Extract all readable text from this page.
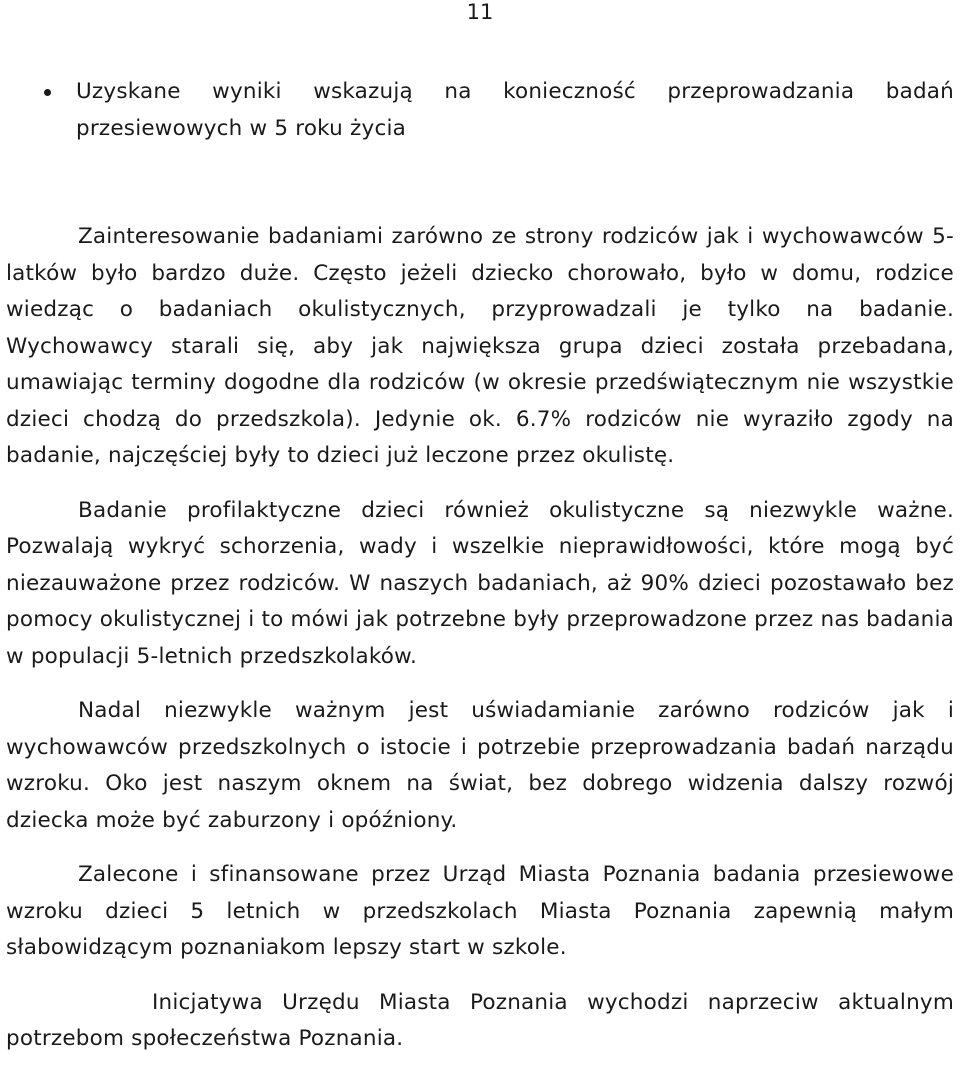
11
Uzyskane wyniki wskazują na konieczność przeprowadzania badań przesiewowych w 5 roku życia

Zainteresowanie badaniami zarówno ze strony rodziców jak i wychowawców 5-latków było bardzo duże. Często jeżeli dziecko chorowało, było w domu, rodzice wiedząc o badaniach okulistycznych, przyprowadzali je tylko na badanie. Wychowawcy starali się, aby jak największa grupa dzieci została przebadana, umawiając terminy dogodne dla rodziców (w okresie przedświątecznym nie wszystkie dzieci chodzą do przedszkola). Jedynie ok. 6.7% rodziców nie wyraziło zgody na badanie, najczęściej były to dzieci już leczone przez okulistę.

Badanie profilaktyczne dzieci również okulistyczne są niezwykle ważne. Pozwalają wykryć schorzenia, wady i wszelkie nieprawidłowości, które mogą być niezauważone przez rodziców. W naszych badaniach, aż 90% dzieci pozostawało bez pomocy okulistycznej i to mówi jak potrzebne były przeprowadzone przez nas badania w populacji 5-letnich przedszkolaków.

Nadal niezwykle ważnym jest uświadamianie zarówno rodziców jak i wychowawców przedszkolnych o istocie i potrzebie przeprowadzania badań narządu wzroku. Oko jest naszym oknem na świat, bez dobrego widzenia dalszy rozwój dziecka może być zaburzony i opóźniony.

Zalecone i sfinansowane przez Urząd Miasta Poznania badania przesiewowe wzroku dzieci 5 letnich w przedszkolach Miasta Poznania zapewnią małym słabowidzącym poznaniakom lepszy start w szkole.

Inicjatywa Urzędu Miasta Poznania wychodzi naprzeciw aktualnym potrzebom społeczeństwa Poznania.
